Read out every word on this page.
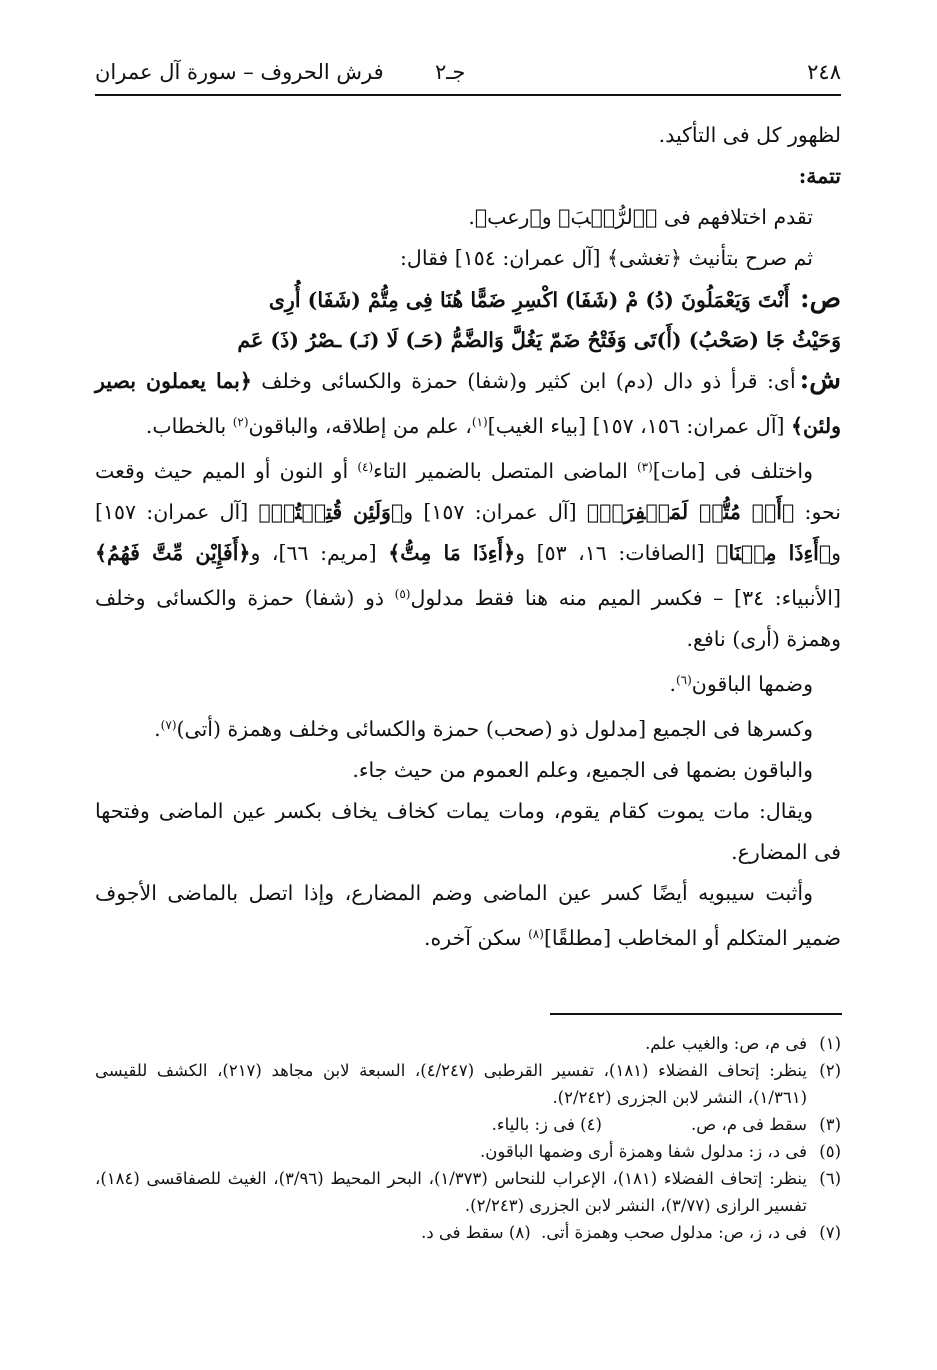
٢٤٨
جـ٢
فرش الحروف – سورة آل عمران

لظهور كل فى التأكيد.

تتمة:

تقدم اختلافهم فى ﴿ٱلرُّعۡبَ﴾ و﴿رعب﴾.

ثم صرح بتأنيث ﴿تغشى﴾ [آل عمران: ١٥٤] فقال:

ص: أَنْتَ وَيَعْمَلُونَ (دُ) مْ (شَفَا) اكْسِرِ ضَمًّا هُنَا فِى مِتُّمْ (شَفَا) أُرِى

وَحَيْثُ جَا (صَحْبُ) (أَ)تَى وَفَتْحُ ضَمّ يَغُلَّ وَالضَّمُّ (حَـ) لَا (نَـ) ـصْرُ (ذَ) عَم

ش:أى: قرأ ذو دال (دم) ابن كثير و(شفا) حمزة والكسائى وخلف ﴿بما يعملون بصير ولئن﴾ [آل عمران: ١٥٦، ١٥٧] [بياء الغيب]$^{(١)}$، علم من إطلاقه، والباقون$^{(٢)}$ بالخطاب.

واختلف فى [مات]$^{(٣)}$ الماضى المتصل بالضمير التاء$^{(٤)}$ أو النون أو الميم حيث وقعت نحو: ﴿أَوۡ مُتُّمۡ لَمَغۡفِرَةٞ﴾ [آل عمران: ١٥٧] و﴿وَلَئِن قُتِلۡتُمۡ﴾ [آل عمران: ١٥٧] و﴿أَءِذَا مِتۡنَا﴾ [الصافات: ١٦، ٥٣] و﴿أَءِذَا مَا مِتُّ﴾ [مريم: ٦٦]، و﴿أَفَإِيْن مِّتَّ فَهُمُ﴾ [الأنبياء: ٣٤] – فكسر الميم منه هنا فقط مدلول$^{(٥)}$ ذو (شفا) حمزة والكسائى وخلف وهمزة (أرى) نافع.

وضمها الباقون$^{(٦)}$.

وكسرها فى الجميع [مدلول ذو (صحب) حمزة والكسائى وخلف وهمزة (أتى)$^{(٧)}$.

والباقون بضمها فى الجميع، وعلم العموم من حيث جاء.

ويقال: مات يموت كقام يقوم، ومات يمات كخاف يخاف بكسر عين الماضى وفتحها فى المضارع.

وأثبت سيبويه أيضًا كسر عين الماضى وضم المضارع، وإذا اتصل بالماضى الأجوف ضمير المتكلم أو المخاطب [مطلقًا]$^{(٨)}$ سكن آخره.

(١)
فى م، ص: والغيب علم.

(٢)
ينظر: إتحاف الفضلاء (١٨١)، تفسير القرطبى (٤/٢٤٧)، السبعة لابن مجاهد (٢١٧)، الكشف للقيسى (١/٣٦١)، النشر لابن الجزرى (٢/٢٤٢).

(٣)
سقط فى م، ص.                 (٤) فى ز: بالياء.

(٥)
فى د، ز: مدلول شفا وهمزة أرى وضمها الباقون.

(٦)
ينظر: إتحاف الفضلاء (١٨١)، الإعراب للنحاس (١/٣٧٣)، البحر المحيط (٣/٩٦)، الغيث للصفاقسى (١٨٤)، تفسير الرازى (٣/٧٧)، النشر لابن الجزرى (٢/٢٤٣).

(٧)
فى د، ز، ص: مدلول صحب وهمزة أتى.  (٨) سقط فى د.
